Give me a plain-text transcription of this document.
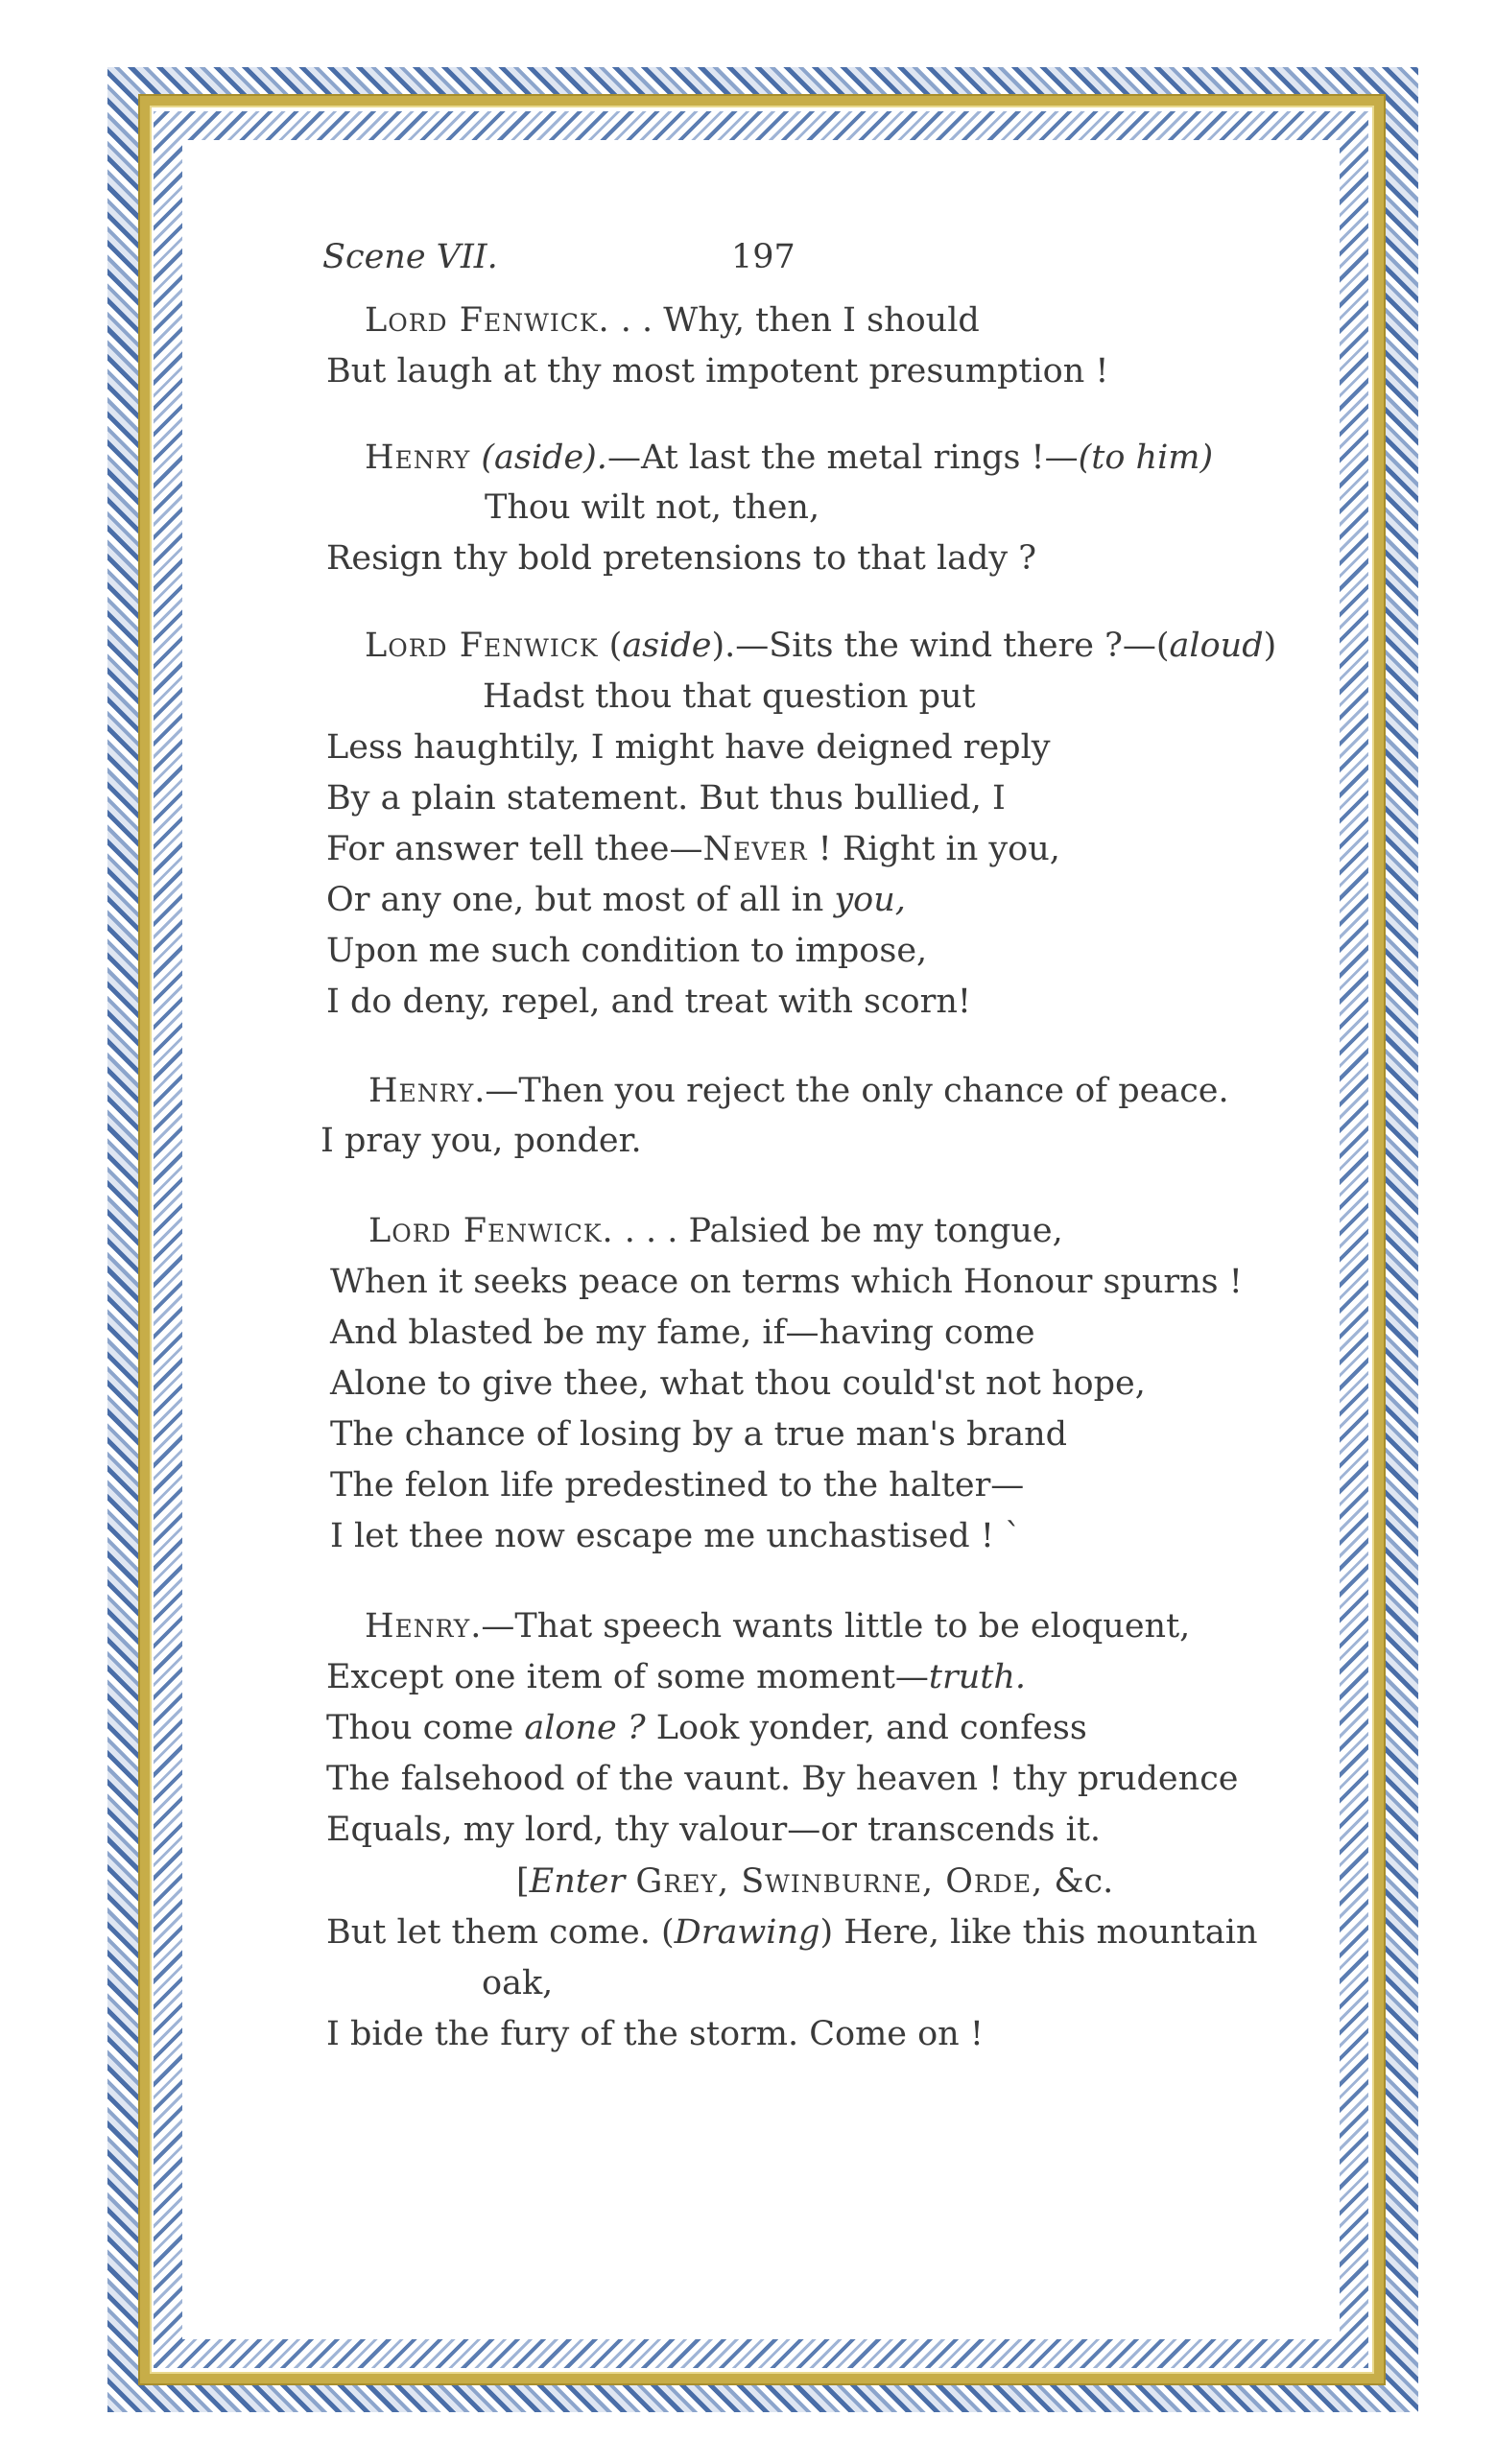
Scene VII.	197
Lord Fenwick. . . Why, then I should
But laugh at thy most impotent presumption !
Henry (aside).—At last the metal rings !—(to him)
Thou wilt not, then,
Resign thy bold pretensions to that lady ?
Lord Fenwick (aside).—Sits the wind there ?—(aloud)
Hadst thou that question put
Less haughtily, I might have deigned reply
By a plain statement. But thus bullied, I
For answer tell thee—Never ! Right in you,
Or any one, but most of all in you,
Upon me such condition to impose,
I do deny, repel, and treat with scorn!
Henry.—Then you reject the only chance of peace.
I pray you, ponder.
Lord Fenwick. . . . Palsied be my tongue,
When it seeks peace on terms which Honour spurns !
And blasted be my fame, if—having come
Alone to give thee, what thou could'st not hope,
The chance of losing by a true man's brand
The felon life predestined to the halter—
I let thee now escape me unchastised ! `
Henry.—That speech wants little to be eloquent,
Except one item of some moment—truth.
Thou come alone ? Look yonder, and confess
The falsehood of the vaunt. By heaven ! thy prudence
Equals, my lord, thy valour—or transcends it.
[Enter Grey, Swinburne, Orde, &c.
But let them come. (Drawing) Here, like this mountain
oak,
I bide the fury of the storm. Come on !
